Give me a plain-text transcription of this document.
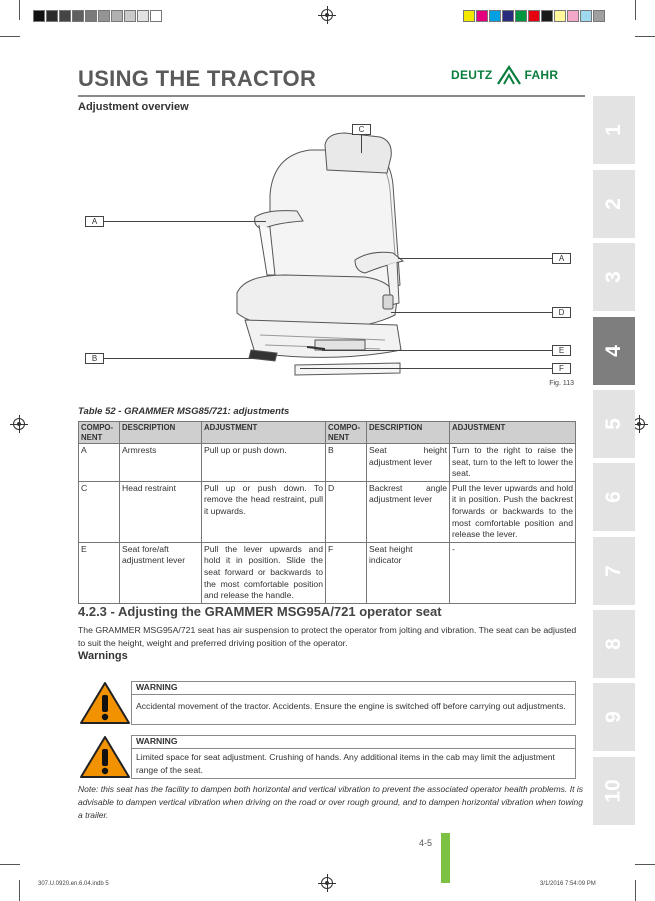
USING THE TRACTOR	DEUTZ	FAHR
Adjustment overview
1
2
3
4
5
6
7
8
9
10
C
A
A
D
E
B
F
Fig. 113
Table 52 - GRAMMER MSG85/721: adjustments
COMPO-NENT	DESCRIPTION	ADJUSTMENT	COMPO-NENT	DESCRIPTION	ADJUSTMENT
A	Armrests	Pull up or push down.	B	Seat height adjustment lever	Turn to the right to raise the seat, turn to the left to lower the seat.
C	Head restraint	Pull up or push down. To remove the head restraint, pull it upwards.	D	Backrest angle adjustment lever	Pull the lever upwards and hold it in position. Push the backrest forwards or backwards to the most comfortable position and release the lever.
E	Seat fore/aft adjustment lever	Pull the lever upwards and hold it in position. Slide the seat forward or backwards to the most comfortable position and release the handle.	F	Seat height indicator	-
4.2.3 - Adjusting the GRAMMER MSG95A/721 operator seat
The GRAMMER MSG95A/721 seat has air suspension to protect the operator from jolting and vibration. The seat can be adjusted to suit the height, weight and preferred driving position of the operator.
Warnings
WARNING
Accidental movement of the tractor. Accidents. Ensure the engine is switched off before carrying out adjustments.
WARNING
Limited space for seat adjustment. Crushing of hands. Any additional items in the cab may limit the adjustment range of the seat.
Note: this seat has the facility to dampen both horizontal and vertical vibration to prevent the associated operator health problems. It is advisable to dampen vertical vibration when driving on the road or over rough ground, and to dampen horizontal vibration when towing a trailer.
4-5
307.U.0920.en.6.04.indb 5	3/1/2016 7:54:09 PM
